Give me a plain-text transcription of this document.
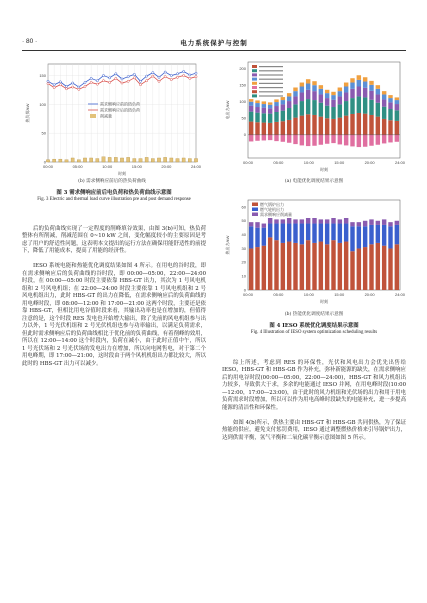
· 80 ·	电力系统保护与控制
0
50
100
150
00:00	05:00	10:00	15:00	20:00	24:00
时刻
热负荷/kW	需求侧响应前的热负荷
需求侧响应后的热负荷
削减量
(b) 需求侧响应前后的热负荷曲线
图 3 需求侧响应前后电负荷和热负荷曲线示意图
Fig. 3 Electric and thermal load curve illustration pre and post demand response

后的负荷曲线实现了一定程度的削峰填谷效果，由图 3(b)可知，热负荷整体有所削减，削减范围在 0~10 kW 之间，变化幅度较小的主要原因是考虑了用户的舒适性问题，这表明本文提出的运行方法在确保用能舒适性的前提下，降低了用能成本，提高了用能的经济性。

IESO 系统电能和热能优化调度结果如图 4 所示。在用电的谷时段，即在需求侧响应后的负荷曲线的谷时段，即 00:00—05:00，22:00—24:00 时段，在 00:00—05:00 时段主要依靠 HBS-GT 出力，其次为 1 号风电机组和 2 号风电机组；在 22:00—24:00 时段主要依靠 1 号风电机组和 2 号风电机组出力，此时 HBS-GT 的出力在降低，在需求侧响应后的负荷曲线的用电峰时段，即 08:00—12:00 和 17:00—21:00 这两个时段，主要还是依靠 HBS-GT，但相比用电谷值时段来看，其输出功率也是在增加的，但值得注意的是，这个时段 RES 发电也开始增大输出，除了先前的风电机组参与出力以外，1 号光伏机组和 2 号光伏机组也参与功率输出，以满足负荷需求，但此时需求侧响应后的负荷曲线相比于优化前的负荷曲线，有着削峰的效用，所以在 12:00—14:00 这个时段内，负荷在减小，由于此时正值中午，所以 1 号光伏场和 2 号光伏场的发电出力在增加，所以向电网售电，对于第二个用电峰期，即 17:00—21:00，这时段由于两个风机机组出力都比较大，所以此时的 HBS-GT 出力可以减少。

0
50
100
150
200
00:00	05:00	10:00	15:00	20:00	24:00
时刻
电出力/kW
(a) 电能优化调度结果示意图
0
10
20
30
40
50
60
00:00	05:00	10:00	15:00	20:00	24:00
时刻
热出力/kW
燃气锅炉出力
燃气轮机出力
需求侧响应削减量
(b) 热能优化调度结果示意图
图 4 IESO 系统优化调度结果示意图
Fig. 4 Illustration of IESO system optimization scheduling results

综上所述，考虑到 RES 的环保性，光伏和风电出力会优先出售给 IESO，HBS-GT 和 HBS-GB 作为补充，弥补新能源的缺失，在需求侧响应后的用电谷时段(00:00—05:00，22:00—24:00)，HBS-GT 和风力机组出力较多，导致供大于求，多余的电能通过 IESO 并网，在用电峰时段(10:00—12:00，17:00—23:00)，由于此时的风力机组和光伏场的出力和用于用电负荷需求时段增加，所以可以作为用电高峰时段缺失的电能补充，进一步提高能源的清洁性和环保性。

如图 4(b)所示，供热主要由 HBS-GT 和 HBS-GB 共同供热，为了保证热能的供应，避免支付惩罚费用，IESO 通过调整燃热价格来引导锅炉出力，达到供需平衡，氢气平衡和二氧化碳平衡示意图如图 5 所示。
